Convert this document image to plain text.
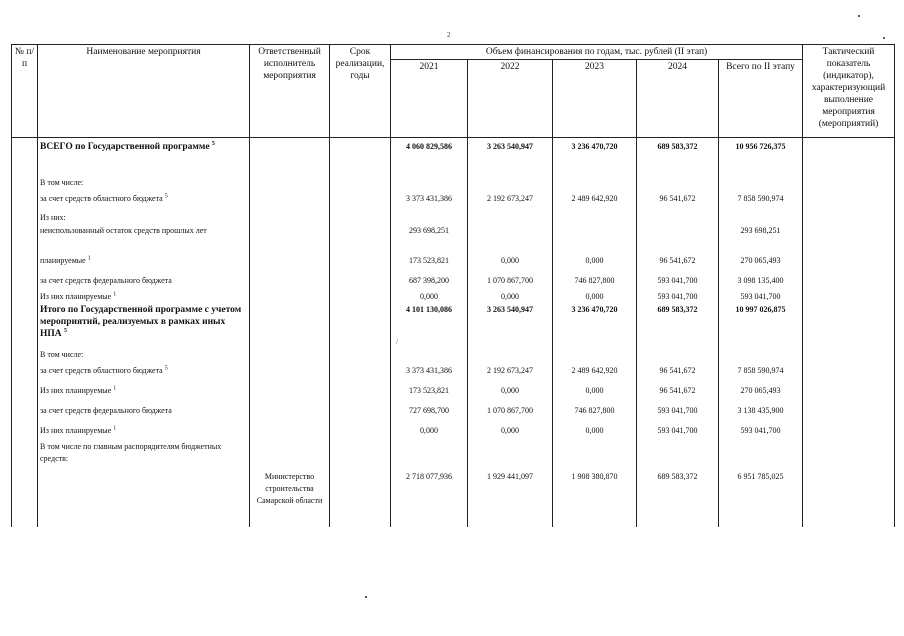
2
/
№ п/п	Наименование мероприятия	Ответственный исполнитель мероприятия	Срок реализации, годы	Объем финансирования по годам, тыс. рублей (II этап)					Тактический показатель (индикатор), характеризующий выполнение мероприятия (мероприятий)
				2021	2022	2023	2024	Всего по II этапу	
	ВСЕГО по Государственной программе $^5$			4 060 829,586	3 263 540,947	3 236 470,720	689 583,372	10 956 726,375	
	В том числе:								
	за счет средств областного бюджета $^5$			3 373 431,386	2 192 673,247	2 489 642,920	96 541,672	7 858 590,974	
	Из них:								
	неиспользованный остаток средств прошлых лет			293 698,251				293 698,251	
	планируемые $^1$			173 523,821	0,000	0,000	96 541,672	270 065,493	
	за счет средств федерального бюджета			687 398,200	1 070 867,700	746 827,800	593 041,700	3 098 135,400	
	Из них планируемые $^1$			0,000	0,000	0,000	593 041,700	593 041,700	
	Итого по Государственной программе с учетом мероприятий, реализуемых в рамках иных НПА $^5$			4 101 130,086	3 263 540,947	3 236 470,720	689 583,372	10 997 026,875	
	В том числе:								
	за счет средств областного бюджета $^5$			3 373 431,386	2 192 673,247	2 489 642,920	96 541,672	7 858 590,974	
	Из них планируемые $^1$			173 523,821	0,000	0,000	96 541,672	270 065,493	
	за счет средств федерального бюджета			727 698,700	1 070 867,700	746 827,800	593 041,700	3 138 435,900	
	Из них планируемые $^1$			0,000	0,000	0,000	593 041,700	593 041,700	
	В том числе по главным распорядителям бюджетных средств:								
		Министерство строительства Самарской области		2 718 077,936	1 929 441,097	1 908 380,870	689 583,372	6 951 785,025	
